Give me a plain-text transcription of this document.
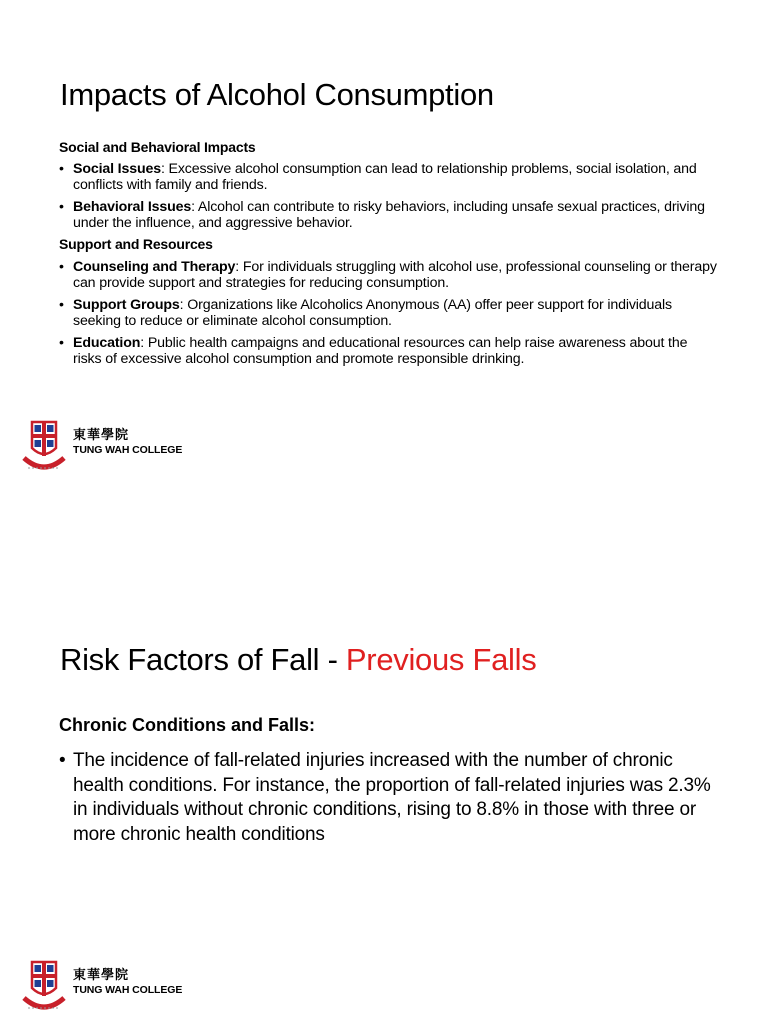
Impacts of Alcohol Consumption
Social and Behavioral Impacts
• Social Issues: Excessive alcohol consumption can lead to relationship problems, social isolation, and conflicts with family and friends.
• Behavioral Issues: Alcohol can contribute to risky behaviors, including unsafe sexual practices, driving under the influence, and aggressive behavior.
Support and Resources
• Counseling and Therapy: For individuals struggling with alcohol use, professional counseling or therapy can provide support and strategies for reducing consumption.
• Support Groups: Organizations like Alcoholics Anonymous (AA) offer peer support for individuals seeking to reduce or eliminate alcohol consumption.
• Education: Public health campaigns and educational resources can help raise awareness about the risks of excessive alcohol consumption and promote responsible drinking.
東華學院
TUNG WAH COLLEGE
Risk Factors of Fall - Previous Falls
Chronic Conditions and Falls:
• The incidence of fall-related injuries increased with the number of chronic health conditions. For instance, the proportion of fall-related injuries was 2.3% in individuals without chronic conditions, rising to 8.8% in those with three or more chronic health conditions
東華學院
TUNG WAH COLLEGE
